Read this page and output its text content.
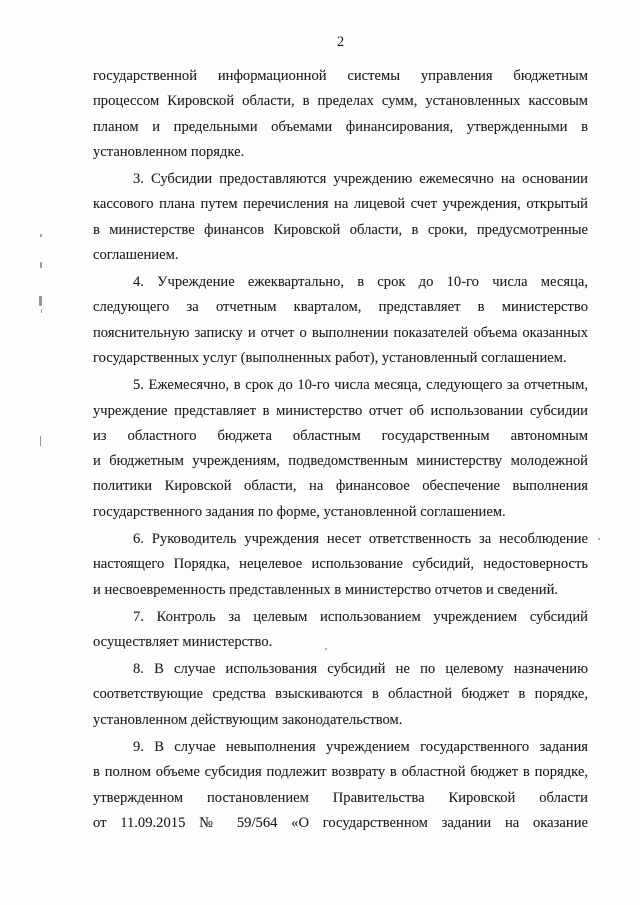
2
государственной информационной системы управления бюджетным
процессом Кировской области, в пределах сумм, установленных кассовым
планом и предельными объемами финансирования, утвержденными в
установленном порядке.
3. Субсидии предоставляются учреждению ежемесячно на основании
кассового плана путем перечисления на лицевой счет учреждения, открытый
в министерстве финансов Кировской области, в сроки, предусмотренные
соглашением.
4. Учреждение ежеквартально, в срок до 10-го числа месяца,
следующего за отчетным кварталом, представляет в министерство
пояснительную записку и отчет о выполнении показателей объема оказанных
государственных услуг (выполненных работ), установленный соглашением.
5. Ежемесячно, в срок до 10-го числа месяца, следующего за отчетным,
учреждение представляет в министерство отчет об использовании субсидии
из областного бюджета областным государственным автономным
и бюджетным учреждениям, подведомственным министерству молодежной
политики Кировской области, на финансовое обеспечение выполнения
государственного задания по форме, установленной соглашением.
6. Руководитель учреждения несет ответственность за несоблюдение
настоящего Порядка, нецелевое использование субсидий, недостоверность
и несвоевременность представленных в министерство отчетов и сведений.
7. Контроль за целевым использованием учреждением субсидий
осуществляет министерство.
8. В случае использования субсидий не по целевому назначению
соответствующие средства взыскиваются в областной бюджет в порядке,
установленном действующим законодательством.
9. В случае невыполнения учреждением государственного задания
в полном объеме субсидия подлежит возврату в областной бюджет в порядке,
утвержденном постановлением Правительства Кировской области
от 11.09.2015 № 59/564 «О государственном задании на оказание
